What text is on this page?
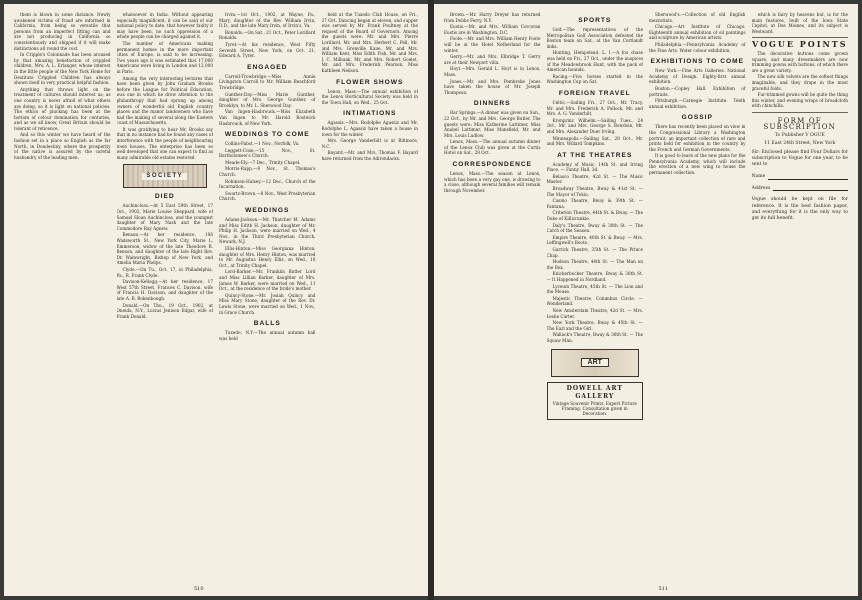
them is blown in some distance. Newly awakened victims of fraud are informed in California, from being so versatile that persons from an imperfect fitting can and are not producing in California so conscientiously and shipped if it will make distinctions all round the cost.

In Cripple's Colonnade has been aroused by that amazing benefaction of crippled children, Mrs. A. L. Erlanger, whose interest in the little people of the New York Home for Destitute Crippled Children has always shown itself in very practical helpful fashion.

Anything that throws light on the treatment of cultures should interest us; as one country is never afraid of what others are doing, so it is light on national policies. The ethics of plucking has been at the bottom of colour domination for centuries, and as we all know, Great Britain should be tolerant of reticence.

And so this winter we have heard of the fashion set in a place so English as the far North, in Dondestiny, where the prosperity of the native is assured by the careful husbandry of the leading men.

whatsoever in India. Without appearing especially magnificent, it can be said of our national policy to date, that however faulty it may have been, no such oppression of a whole people can be charged against it.

The number of Americans making permanent homes in the more important cities of Europe, is said to be increasing. Two years ago it was estimated that 17,000 Americans were living in London and 12,000 in Paris.

Among the very interesting lectures that have been given by John Graham Brooks before the League for Political Education, was one in which he drew attention to the philanthropy that had sprung up among owners of wonderful old English country places and the manor landowners who have had the making of several along the Eastern coast of Massachusetts.

It was gratifying to hear Mr. Brooks say that in no instance had he found any cases of interference with the people of neighbouring town houses. The enterprise has been so well developed that one can expect to find as many admirable old estates restored.

SOCIETY
DIED

Auchincloss.—At 5 East 59th Street, 17 Oct., 1902, Marie Louise Sheppard, wife of Samuel Sloan Auchincloss, and the youngest daughter of Mary Nash and the late Commodore Ray Agnew.

Benson.—At her residence, 106 Wadsworth St., New York City, Marie L. Emmerson, widow of the late Theodore R. Benson, and daughter of the late Right Rev. Dr. Wainwright, Bishop of New York, and Amelia Maria Phelps.

Clyde.—On Tu., Oct. 17, in Philadelphia, Pa., R. Frank Clyde.

Davison-Kellogg.—At her residence, 17 West 57th Street, Frances C. Davison, wife of Francis H. Davison, and daughter of the late A. B. Rokenbough.

Donald.—On Thu., 19 Oct., 1902, at Oneida, N.Y., Lucius Jenison Edgar, wife of Frank Donald.

Irvin.—1st Oct., 1902, at Wayne, Pa., Mary, daughter of the Rev. William Irvin, D.D., and the late Mary Irvin, of Irvin's, Va.

Ronalds.—On Sat., 21 Oct., Peter Lorillard Ronalds.

Tyrer.—At his residence, West Fifty Seventh Street, New York, on Oct. 21, Edward A. Tyrer.

ENGAGED

Carroll-Trowbridge.—Miss Annie Livingston Carroll to Mr. William Beachford Trowbridge.

Gunther-Day.—Miss Marie Gunther, daughter of Mrs. George Gunther, of Brooklyn, to Mr. L. Sherwood Day.

Van Ingen-Hasbrouck.—Miss Elizabeth Van Ingen to Mr. Harold Bostwick Hasbrouck, of New York.

WEDDINGS TO COME

Collins-Pabst.—1 Nov., Norfolk, Va.

Leggett-Coxe.—15 Nov., St. Bartholomew's Church.

Meade-Ely.—7 Dec., Trinity Chapel.

Morris-Rapp.—8 Nov., St. Thomas's Church.

Robinson-Halsey.—12 Dec., Church of the Incarnation.

Swartz-Brown.—8 Nov., West Presbyterian Church.

WEDDINGS

Adams-Jackson.—Mr. Thatcher M. Adams and Miss Edith H. Jackson, daughter of Mr. Philip H. Jackson, were married on Wed., 4 Nov., in the Third Presbyterian Church, Newark, N.J.

Ellis-Hinton.—Miss Georgiana Hinton, daughter of Mrs. Henry Hinton, was married to Mr. Augustus Henry Ellis, on Wed., 18 Oct., at Trinity Chapel.

Lord-Barker.—Mr. Franklin Butler Lord and Miss Lillian Barker, daughter of Mrs. James W. Barker, were married on Wed., 11 Oct., at the residence of the bride's mother.

Quincy-Stone.—Mr. Josiah Quincy and Miss Mary Stone, daughter of the Rev. Dr. Lewis Stone, were married on Wed., 1 Nov., in Grace Church.

BALLS

Tuxedo, N.Y.—The annual autumn ball was held

held at the Tuxedo Club House, on Fri., 27 Oct. Dancing began at eleven, and supper was served by Mr. Frank Poultney at the request of the Board of Governors. Among the guests were: Mr. and Mrs. Pierre Lorillard, Mr. and Mrs. Herbert C. Pell, Mr. and Mrs. Grenville Kane, Mr. and Mrs. William Kent, Miss Edith Fish, Mr. and Mrs. J. C. Milbank, Mr. and Mrs. Robert Goelet, Mr. and Mrs. Frederick Pearson, Miss Kathleen Neilson.

FLOWER SHOWS

Lenox, Mass.—The annual exhibition of the Lenox Horticultural Society was held in the Town Hall, on Wed., 25 Oct.

INTIMATIONS

Agassiz.—Mrs. Rodolphe Agassiz and Mr. Rodolphe L. Agassiz have taken a house in town for the winter.

Mrs. George Vanderbilt is at Biltmore, N.C.

Bayard.—Mr. and Mrs. Thomas F. Bayard have returned from the Adirondacks.

510

Brown.—Mr. Harry Dreyer has returned from Dobbs Ferry, N.Y.

Eustis.—Mr. and Mrs. William Corcoran Eustis are in Washington, D.C.

Foote.—Mr. and Mrs. William Henry Foote will be at the Hotel Netherland for the winter.

Gerry.—Mr. and Mrs. Elbridge T. Gerry are at their Newport villa.

Hoyt.—Mrs. Gerald L. Hoyt is in Lenox, Mass.

Jones.—Mr. and Mrs. Pembroke Jones have taken the house of Mr. Joseph Thompson.

DINNERS

Bar Springs.—A dinner was given on Sun., 22 Oct., by Mr. and Mrs. George Butler. The guests were: Miss Katherine Lattimer, Miss Anabel Lattimer, Miss Mansfield, Mr. and Mrs. Louis Ludlow.

Lenox, Mass.—The annual autumn dinner of the Lenox Club was given at the Curtis Hotel on Sat., 28 Oct.

CORRESPONDENCE

Lenox, Mass.—The season at Lenox, which has been a very gay one, is drawing to a close, although several families will remain through November.

SPORTS

Golf.—The representatives of the Metropolitan Golf Association defeated the Boston team on Sat., at the Van Cortlandt links.

Hunting, Hempstead, L. I.—A fox chase was held on Fri., 27 Oct., under the auspices of the Meadowbrook Hunt, with the pack of American hounds.

Racing.—Five horses started in the Washington Cup on Sat.

FOREIGN TRAVEL

Celtic.—Sailing Fri., 27 Oct., Mr. Tracy, Mr. and Mrs. Frederick A. Pollock, Mr. and Mrs. A. G. Vanderbilt.

Kronprinz Wilhelm.—Sailing Tues., 24 Oct., Mr. and Mrs. George S. Bowdoin, Mr. and Mrs. Alexander Duer Irving.

Minneapolis.—Sailing Sat., 28 Oct., Mr. and Mrs. Willard Tompkins.

AT THE THEATRES

Academy of Music, 14th St. and Irving Place. — Fanny Hall, 3d.

Belasco Theatre, 42d St. — The Music Master.

Broadway Theatre, Bway & 41st St. — The Mayor of Tokio.

Casino Theatre, Bway & 39th St. — Fantana.

Criterion Theatre, 44th St. & Bway. — The Duke of Killicrankie.

Daly's Theatre, Bway & 30th St. — The Catch of the Season.

Empire Theatre, 40th St. & Bway. — Mrs. Leffingwell's Boots.

Garrick Theatre, 35th St. — The Prince Chap.

Hudson Theatre, 44th St. — The Man on the Box.

Knickerbocker Theatre, Bway & 38th St. — It Happened in Nordland.

Lyceum Theatre, 45th St. — The Lion and the Mouse.

Majestic Theatre, Columbus Circle. — Wonderland.

New Amsterdam Theatre, 42d St. — Mrs. Leslie Carter.

New York Theatre, Bway & 45th St. — The Earl and the Girl.

Wallack's Theatre, Bway & 30th St. — The Squaw Man.

ART
DOWELL ART GALLERY
Vintage Souvenir Prints. Expert Picture Framing. Consultation given in Decoration.

Sherwood's.—Collection of old English mezzotints.

Chicago.—Art Institute of Chicago. Eighteenth annual exhibition of oil paintings and sculpture by American artists.

Philadelphia.—Pennsylvania Academy of the Fine Arts. Water colour exhibition.

EXHIBITIONS TO COME

New York.—Fine Arts Galleries. National Academy of Design. Eighty-first annual exhibition.

Boston.—Copley Hall. Exhibition of portraits.

Pittsburgh.—Carnegie Institute. Tenth annual exhibition.

GOSSIP

There has recently been placed on view in the Congressional Library a Washington portrait, an important collection of rare and prints held for exhibition in the country by the French and German Governments.

It is good to learn of the new plans for the Pennsylvania Academy, which will include the erection of a new wing to house the permanent collection.

which is fairy by heavens but, is for the main features, built of the Iowa State Capitol, at Des Moines, and its subject is Westward.

VOGUE POINTS

The decorative buttons come grown square, and many dressmakers are now trimming gowns with buttons, of which there are a great variety.

The new silk velvets are the softest things imaginable, and they drape in the most graceful folds.

Fur-trimmed gowns will be quite the thing this winter, and evening wraps of broadcloth with chinchilla.

FORM OF SUBSCRIPTION
To Publisher V OGUE
11 East 24th Street, New York
Sir: Enclosed please find Four Dollars for subscription to Vogue for one year, to be sent to
Name
Address
Vogue should be kept on file for reference. It is the best fashion paper, and everything for it is the only way to get its full benefit.
511
